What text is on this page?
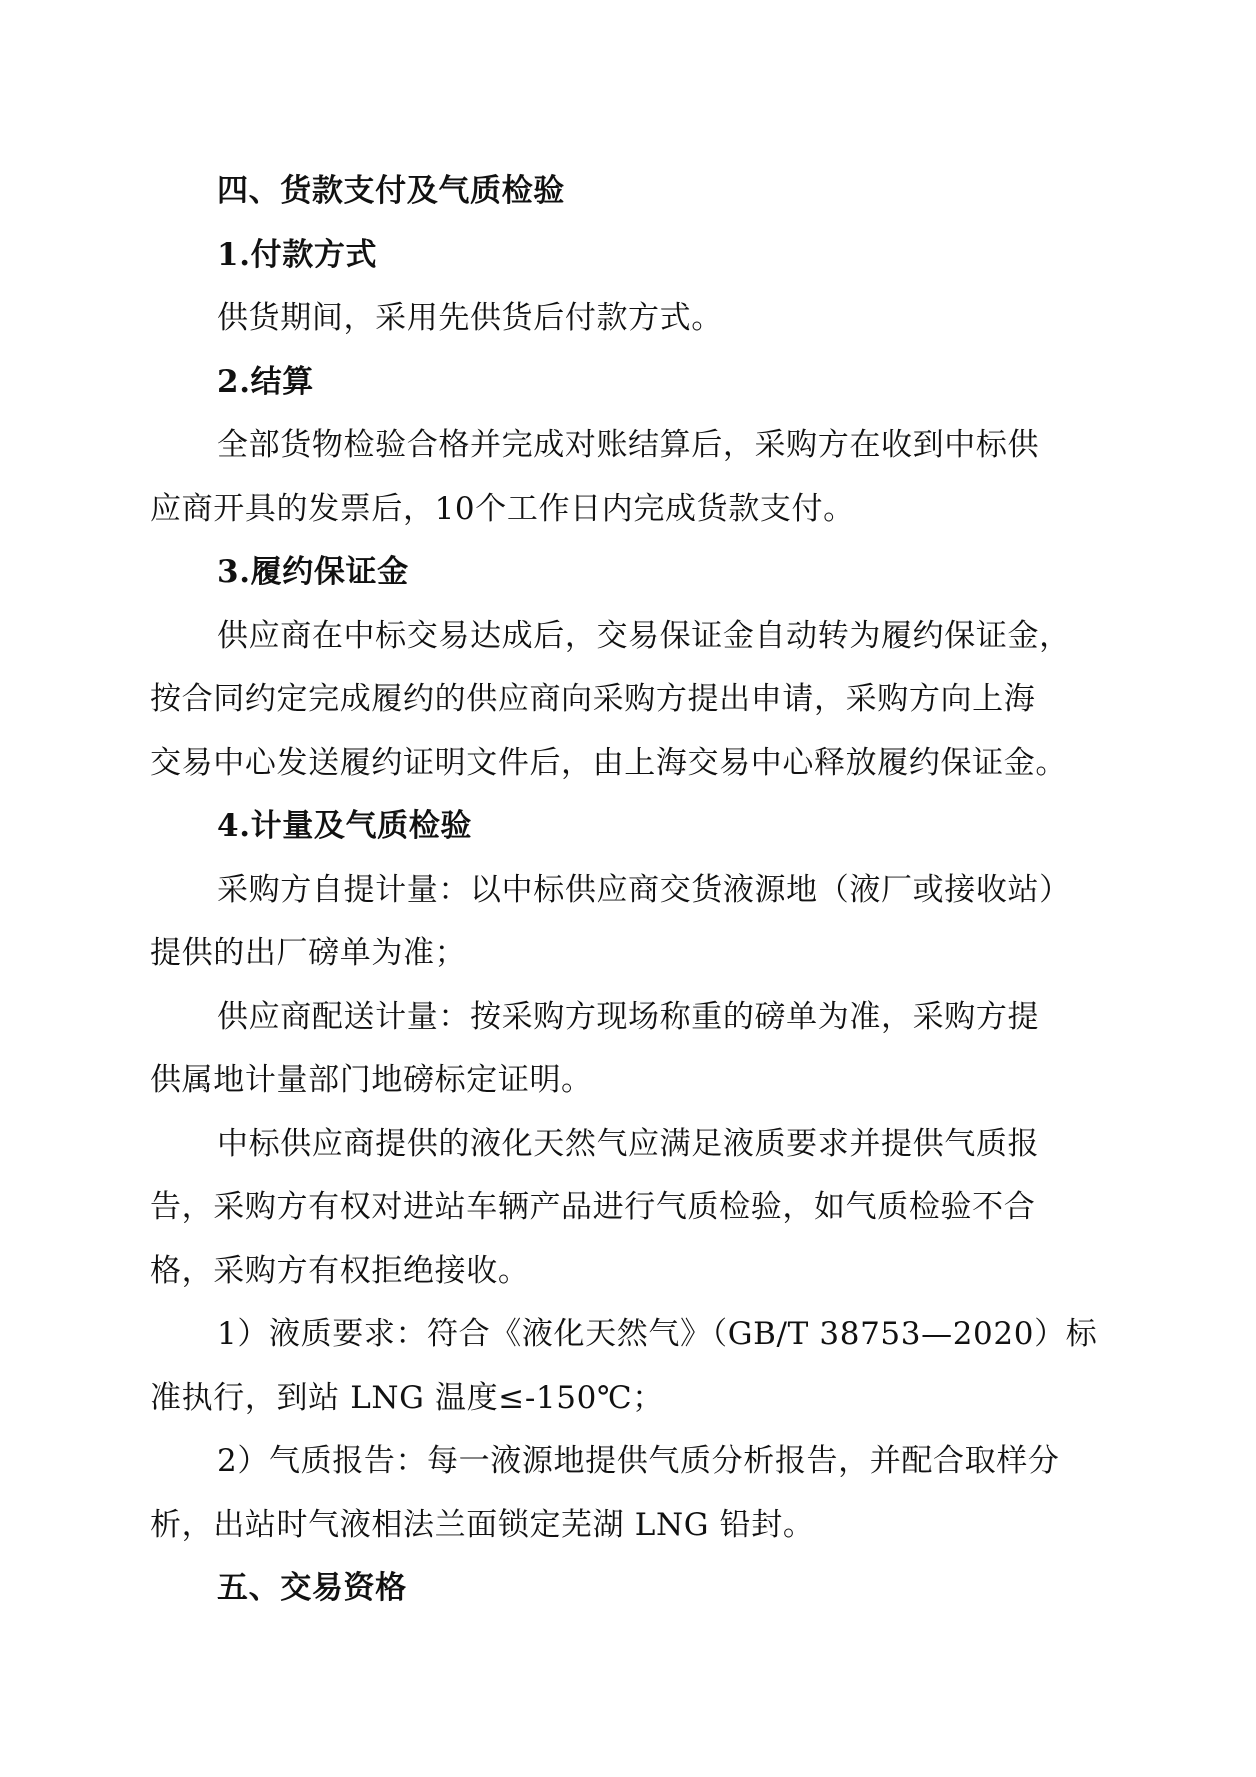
四、货款支付及气质检验
1.付款方式
供货期间，采用先供货后付款方式。
2.结算
全部货物检验合格并完成对账结算后，采购方在收到中标供
应商开具的发票后，10个工作日内完成货款支付。
3.履约保证金
供应商在中标交易达成后，交易保证金自动转为履约保证金，
按合同约定完成履约的供应商向采购方提出申请，采购方向上海
交易中心发送履约证明文件后，由上海交易中心释放履约保证金。
4.计量及气质检验
采购方自提计量：以中标供应商交货液源地（液厂或接收站）
提供的出厂磅单为准；
供应商配送计量：按采购方现场称重的磅单为准，采购方提
供属地计量部门地磅标定证明。
中标供应商提供的液化天然气应满足液质要求并提供气质报
告，采购方有权对进站车辆产品进行气质检验，如气质检验不合
格，采购方有权拒绝接收。
1）液质要求：符合《液化天然气》（GB/T 38753—2020）标
准执行，到站 LNG 温度≤-150℃；
2）气质报告：每一液源地提供气质分析报告，并配合取样分
析，出站时气液相法兰面锁定芜湖 LNG 铅封。
五、交易资格
